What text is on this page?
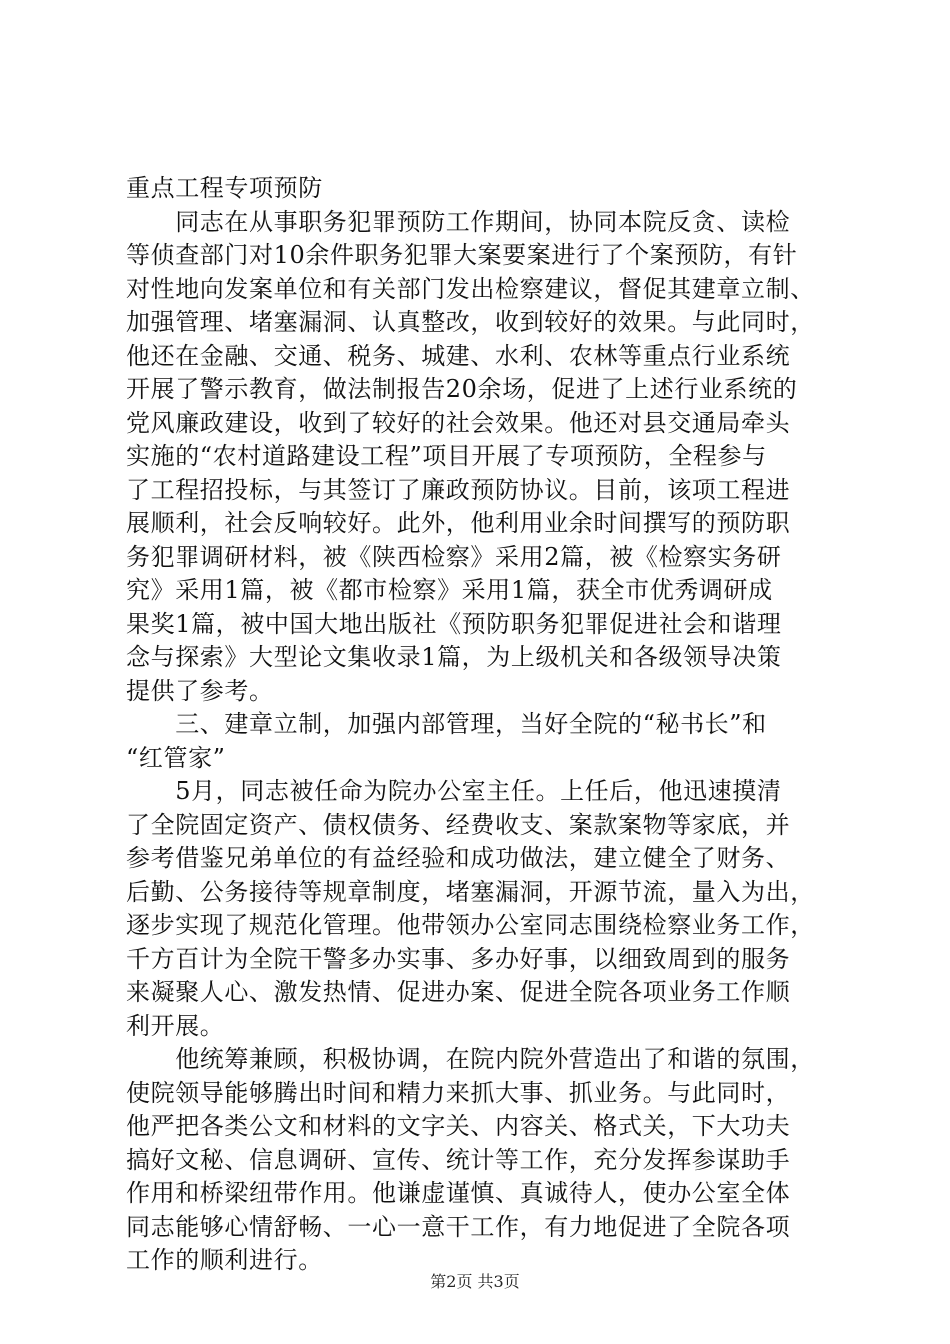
重点工程专项预防
　　同志在从事职务犯罪预防工作期间，协同本院反贪、读检
等侦查部门对10余件职务犯罪大案要案进行了个案预防，有针
对性地向发案单位和有关部门发出检察建议，督促其建章立制、
加强管理、堵塞漏洞、认真整改，收到较好的效果。与此同时，
他还在金融、交通、税务、城建、水利、农林等重点行业系统
开展了警示教育，做法制报告20余场，促进了上述行业系统的
党风廉政建设，收到了较好的社会效果。他还对县交通局牵头
实施的“农村道路建设工程”项目开展了专项预防，全程参与
了工程招投标，与其签订了廉政预防协议。目前，该项工程进
展顺利，社会反响较好。此外，他利用业余时间撰写的预防职
务犯罪调研材料，被《陕西检察》采用2篇，被《检察实务研
究》采用1篇，被《都市检察》采用1篇，获全市优秀调研成
果奖1篇，被中国大地出版社《预防职务犯罪促进社会和谐理
念与探索》大型论文集收录1篇，为上级机关和各级领导决策
提供了参考。
　　三、建章立制，加强内部管理，当好全院的“秘书长”和
“红管家”
　　5月，同志被任命为院办公室主任。上任后，他迅速摸清
了全院固定资产、债权债务、经费收支、案款案物等家底，并
参考借鉴兄弟单位的有益经验和成功做法，建立健全了财务、
后勤、公务接待等规章制度，堵塞漏洞，开源节流，量入为出，
逐步实现了规范化管理。他带领办公室同志围绕检察业务工作，
千方百计为全院干警多办实事、多办好事，以细致周到的服务
来凝聚人心、激发热情、促进办案、促进全院各项业务工作顺
利开展。
　　他统筹兼顾，积极协调，在院内院外营造出了和谐的氛围，
使院领导能够腾出时间和精力来抓大事、抓业务。与此同时，
他严把各类公文和材料的文字关、内容关、格式关，下大功夫
搞好文秘、信息调研、宣传、统计等工作，充分发挥参谋助手
作用和桥梁纽带作用。他谦虚谨慎、真诚待人，使办公室全体
同志能够心情舒畅、一心一意干工作，有力地促进了全院各项
工作的顺利进行。
第2页 共3页
